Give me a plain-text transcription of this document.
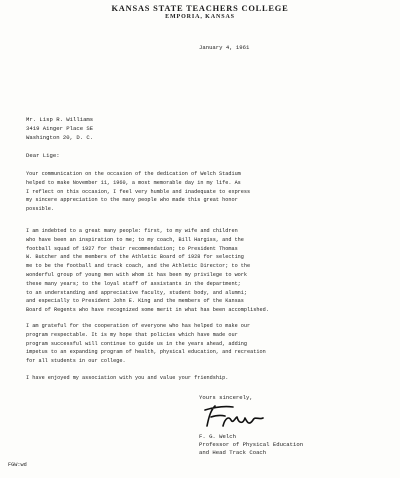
KANSAS STATE TEACHERS COLLEGE
EMPORIA, KANSAS
January 4, 1961
Mr. Lisp R. Williams
3419 Ainger Place SE
Washington 20, D. C.
Dear Lige:
Your communication on the occasion of the dedication of Welch Stadium
helped to make November 11, 1960, a most memorable day in my life. As
I reflect on this occasion, I feel very humble and inadequate to express
my sincere appreciation to the many people who made this great honor
possible.
I am indebted to a great many people: first, to my wife and children
who have been an inspiration to me; to my coach, Bill Hargiss, and the
football squad of 1927 for their recommendation; to President Thomas
W. Butcher and the members of the Athletic Board of 1928 for selecting
me to be the football and track coach, and the Athletic Director; to the
wonderful group of young men with whom it has been my privilege to work
these many years; to the loyal staff of assistants in the department;
to an understanding and appreciative faculty, student body, and alumni;
and especially to President John E. King and the members of the Kansas
Board of Regents who have recognized some merit in what has been accomplished.
I am grateful for the cooperation of everyone who has helped to make our
program respectable. It is my hope that policies which have made our
program successful will continue to guide us in the years ahead, adding
impetus to an expanding program of health, physical education, and recreation
for all students in our college.
I have enjoyed my association with you and value your friendship.
Yours sincerely,
F. G. Welch
Professor of Physical Education
and Head Track Coach
FGW:wd
